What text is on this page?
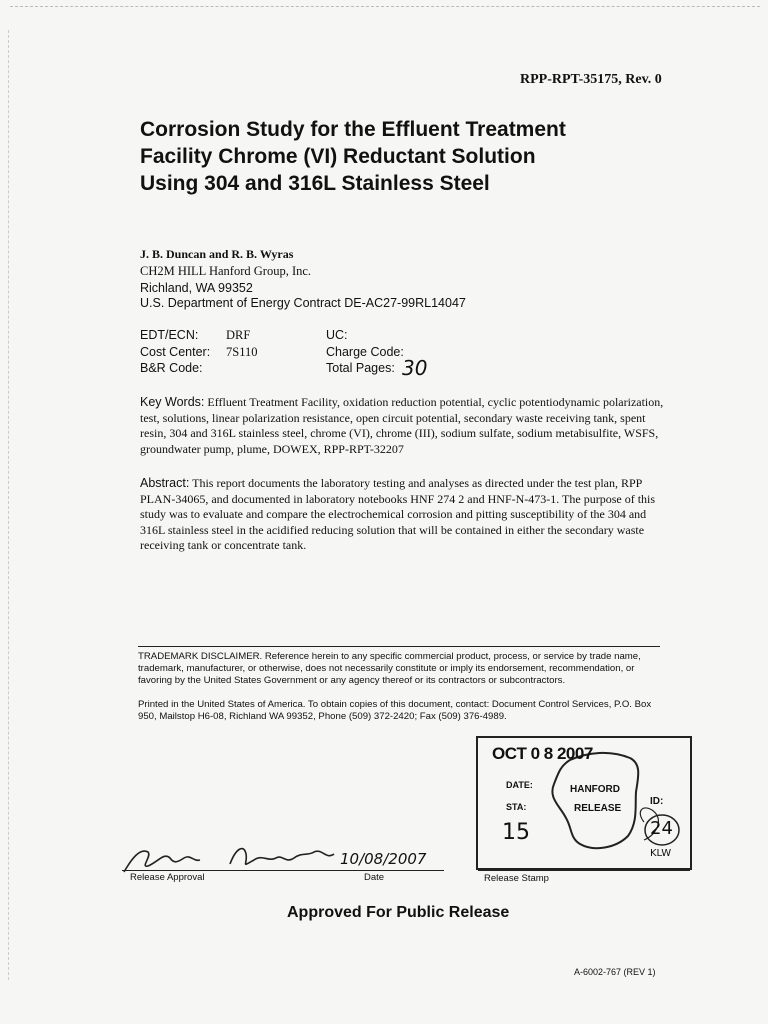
RPP-RPT-35175, Rev. 0
Corrosion Study for the Effluent Treatment
Facility Chrome (VI) Reductant Solution
Using 304 and 316L Stainless Steel
J. B. Duncan and R. B. Wyras
CH2M HILL Hanford Group, Inc.
Richland, WA 99352
U.S. Department of Energy Contract DE-AC27-99RL14047
EDT/ECN: DRF	UC:
Cost Center: 7S110	Charge Code:
B&R Code:	Total Pages: 30
Key Words: Effluent Treatment Facility, oxidation reduction potential, cyclic potentiodynamic polarization, test, solutions, linear polarization resistance, open circuit potential, secondary waste receiving tank, spent resin, 304 and 316L stainless steel, chrome (VI), chrome (III), sodium sulfate, sodium metabisulfite, WSFS, groundwater pump, plume, DOWEX, RPP-RPT-32207
Abstract: This report documents the laboratory testing and analyses as directed under the test plan, RPP PLAN-34065, and documented in laboratory notebooks HNF 274 2 and HNF-N-473-1. The purpose of this study was to evaluate and compare the electrochemical corrosion and pitting susceptibility of the 304 and 316L stainless steel in the acidified reducing solution that will be contained in either the secondary waste receiving tank or concentrate tank.
TRADEMARK DISCLAIMER. Reference herein to any specific commercial product, process, or service by trade name, trademark, manufacturer, or otherwise, does not necessarily constitute or imply its endorsement, recommendation, or favoring by the United States Government or any agency thereof or its contractors or subcontractors.
Printed in the United States of America. To obtain copies of this document, contact: Document Control Services, P.O. Box 950, Mailstop H6-08, Richland WA 99352, Phone (509) 372-2420; Fax (509) 376-4989.
OCT 0 8 2007
DATE:
STA:
HANFORD
RELEASE
ID:
15	24
KLW
10/08/2007
Release Approval	Date	Release Stamp
Approved For Public Release
A-6002-767 (REV 1)
